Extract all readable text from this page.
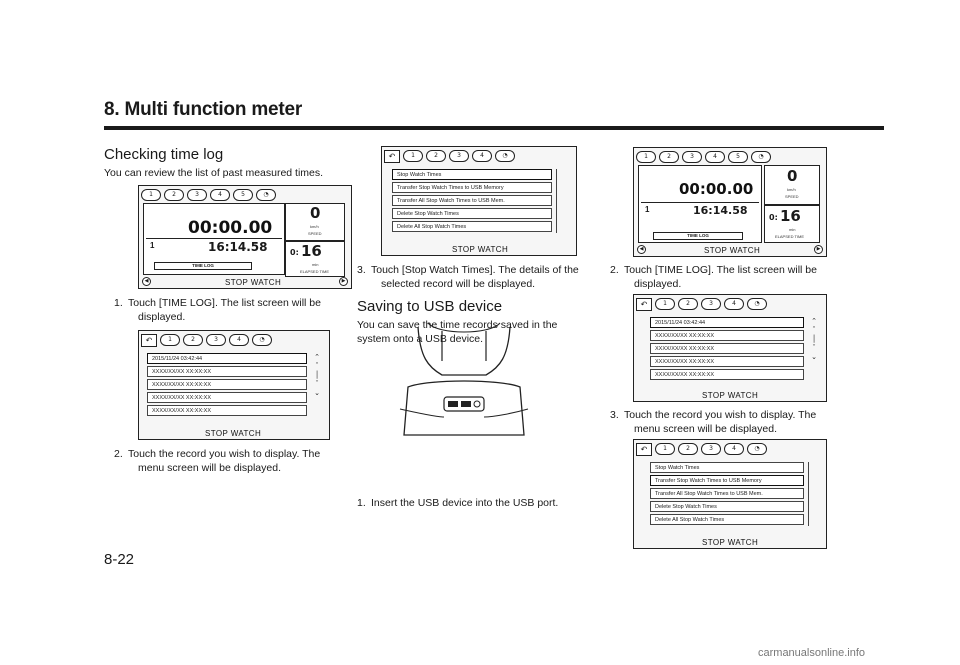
8. Multi function meter
Checking time log
You can review the list of past measured times.
1	2	3	4	5	◔
00:00.00
1	16:14.58
TIME LOG
0
km/h
SPEED
0: 16
min
ELAPSED TIME
◀	STOP WATCH	▶
1. Touch [TIME LOG]. The list screen will be
displayed.
↶	1	2	3	4	◔
2015/11/24 03:42:44
XXXX/XX/XX XX:XX:XX
XXXX/XX/XX XX:XX:XX
XXXX/XX/XX XX:XX:XX
XXXX/XX/XX XX:XX:XX
⌃
ˆ
│
ˇ
⌄
STOP WATCH
2. Touch the record you wish to display. The
menu screen will be displayed.
8-22
↶	1	2	3	4	◔
Stop Watch Times
Transfer Stop Watch Times to USB Memory
Transfer All Stop Watch Times to USB Mem.
Delete Stop Watch Times
Delete All Stop Watch Times
STOP WATCH
3. Touch [Stop Watch Times]. The details of the
selected record will be displayed.
Saving to USB device
You can save the time records saved in the
system onto a USB device.
1. Insert the USB device into the USB port.
1	2	3	4	5	◔
00:00.00
1	16:14.58
TIME LOG
0
km/h
SPEED
0: 16
min
ELAPSED TIME
◀	STOP WATCH	▶
2. Touch [TIME LOG]. The list screen will be
displayed.
↶	1	2	3	4	◔
2015/11/24 03:42:44
XXXX/XX/XX XX:XX:XX
XXXX/XX/XX XX:XX:XX
XXXX/XX/XX XX:XX:XX
XXXX/XX/XX XX:XX:XX
⌃
ˆ
│
ˇ
⌄
STOP WATCH
3. Touch the record you wish to display. The
menu screen will be displayed.
↶	1	2	3	4	◔
Stop Watch Times
Transfer Stop Watch Times to USB Memory
Transfer All Stop Watch Times to USB Mem.
Delete Stop Watch Times
Delete All Stop Watch Times
STOP WATCH
carmanualsonline.info
